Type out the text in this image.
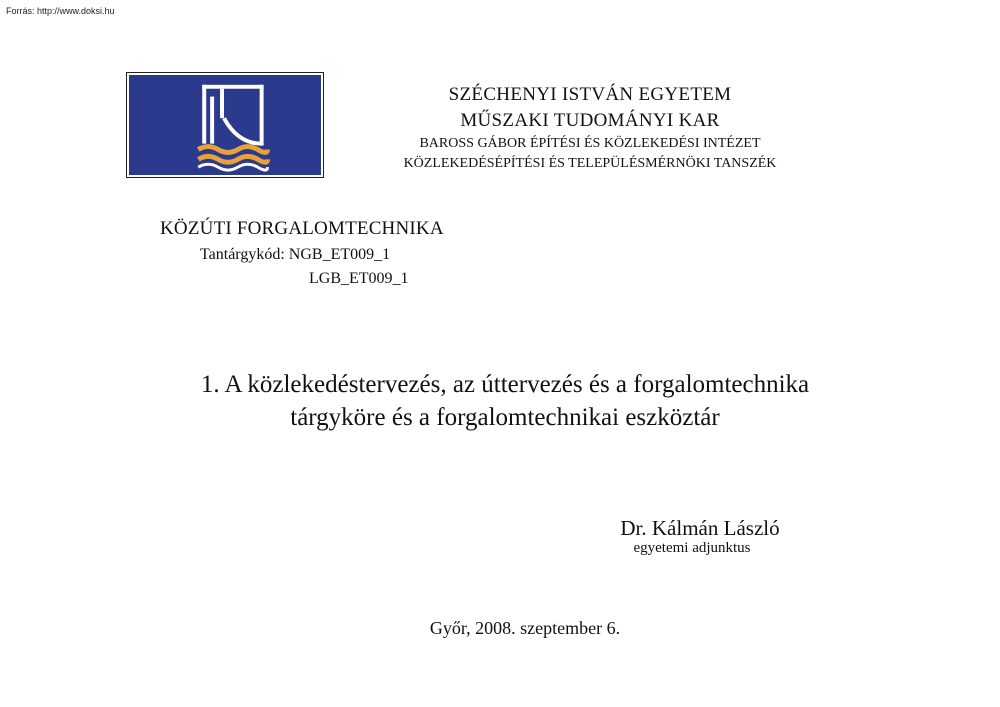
Forrás: http://www.doksi.hu
SZÉCHENYI ISTVÁN EGYETEM
MŰSZAKI TUDOMÁNYI KAR
BAROSS GÁBOR ÉPÍTÉSI ÉS KÖZLEKEDÉSI INTÉZET
KÖZLEKEDÉSÉPÍTÉSI ÉS TELEPÜLÉSMÉRNÖKI TANSZÉK
KÖZÚTI FORGALOMTECHNIKA
Tantárgykód: NGB_ET009_1
LGB_ET009_1
1. A közlekedéstervezés, az úttervezés és a forgalomtechnika
tárgyköre és a forgalomtechnikai eszköztár
Dr. Kálmán László
egyetemi adjunktus
Győr, 2008. szeptember 6.
